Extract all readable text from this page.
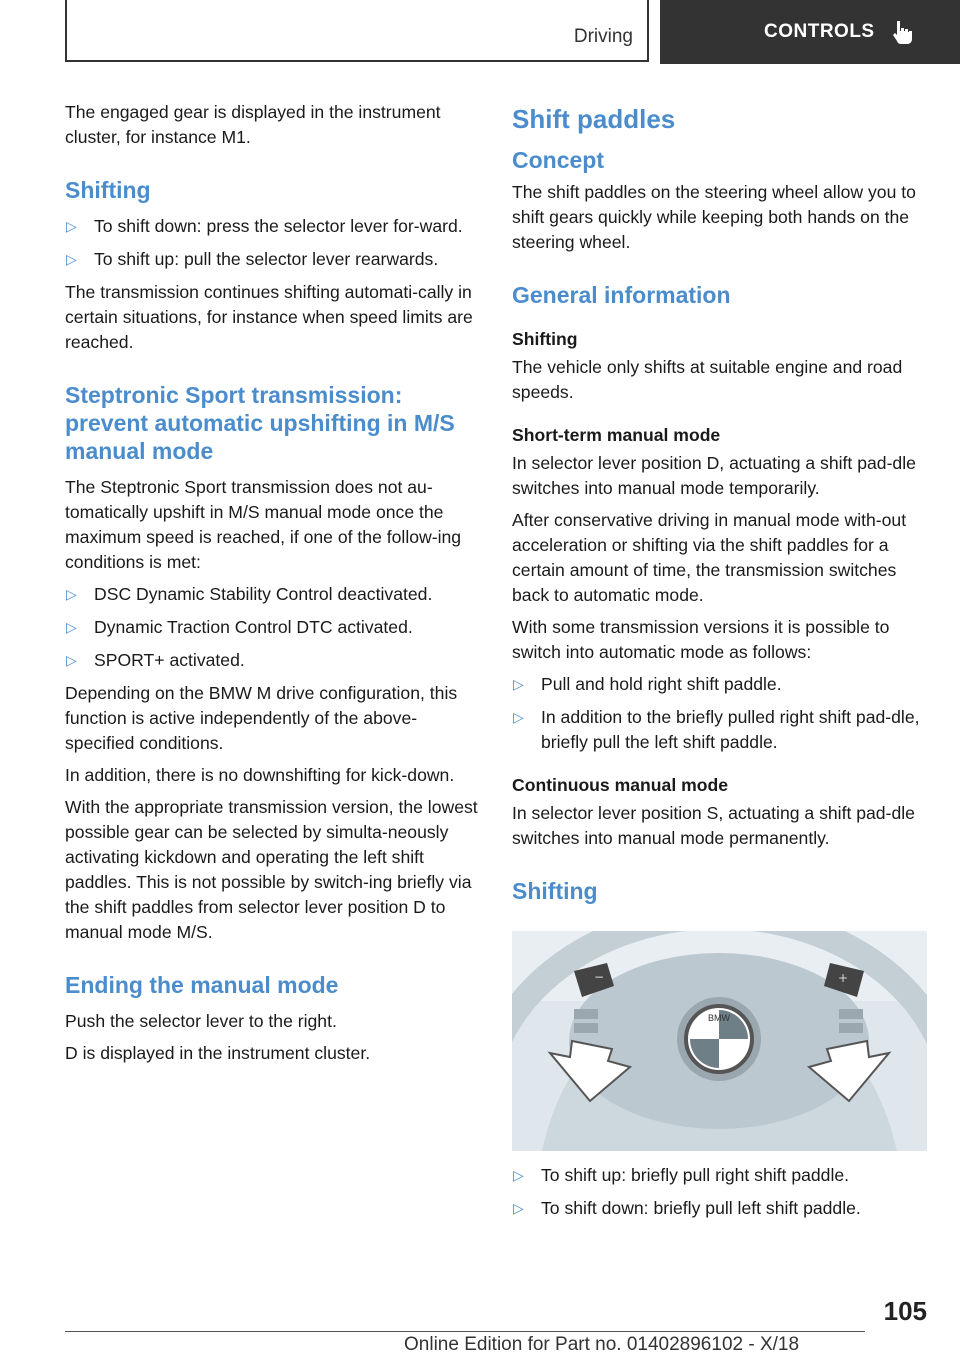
Driving	CONTROLS

The engaged gear is displayed in the instrument cluster, for instance M1.

Shifting
▷ To shift down: press the selector lever for‐ward.
▷ To shift up: pull the selector lever rearwards.

The transmission continues shifting automati‐cally in certain situations, for instance when speed limits are reached.

Steptronic Sport transmission: prevent automatic upshifting in M/S manual mode

The Steptronic Sport transmission does not au‐tomatically upshift in M/S manual mode once the maximum speed is reached, if one of the follow‐ing conditions is met:

▷ DSC Dynamic Stability Control deactivated.
▷ Dynamic Traction Control DTC activated.
▷ SPORT+ activated.

Depending on the BMW M drive configuration, this function is active independently of the above-specified conditions.

In addition, there is no downshifting for kick‐down.

With the appropriate transmission version, the lowest possible gear can be selected by simulta‐neously activating kickdown and operating the left shift paddles. This is not possible by switch‐ing briefly via the shift paddles from selector lever position D to manual mode M/S.

Ending the manual mode

Push the selector lever to the right.

D is displayed in the instrument cluster.

Shift paddles
Concept

The shift paddles on the steering wheel allow you to shift gears quickly while keeping both hands on the steering wheel.

General information
Shifting

The vehicle only shifts at suitable engine and road speeds.

Short-term manual mode

In selector lever position D, actuating a shift pad‐dle switches into manual mode temporarily.

After conservative driving in manual mode with‐out acceleration or shifting via the shift paddles for a certain amount of time, the transmission switches back to automatic mode.

With some transmission versions it is possible to switch into automatic mode as follows:

▷ Pull and hold right shift paddle.
▷ In addition to the briefly pulled right shift pad‐dle, briefly pull the left shift paddle.
Continuous manual mode

In selector lever position S, actuating a shift pad‐dle switches into manual mode permanently.

Shifting
BMW
−	+
▷ To shift up: briefly pull right shift paddle.
▷ To shift down: briefly pull left shift paddle.
105
Online Edition for Part no. 01402896102 - X/18
